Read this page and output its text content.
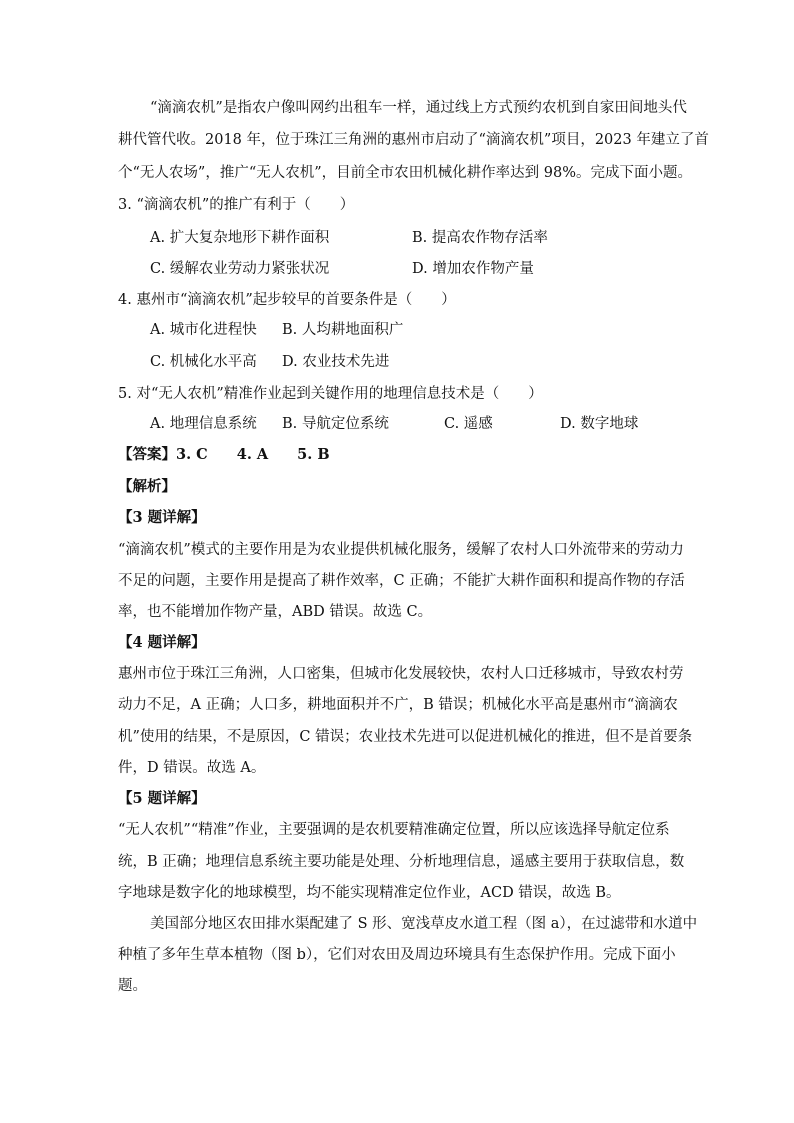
“滴滴农机”是指农户像叫网约出租车一样，通过线上方式预约农机到自家田间地头代
耕代管代收。2018 年，位于珠江三角洲的惠州市启动了“滴滴农机”项目，2023 年建立了首
个“无人农场”，推广“无人农机”，目前全市农田机械化耕作率达到 98%。完成下面小题。
3. “滴滴农机”的推广有利于（　　）
A. 扩大复杂地形下耕作面积	B. 提高农作物存活率
C. 缓解农业劳动力紧张状况	D. 增加农作物产量
4. 惠州市“滴滴农机”起步较早的首要条件是（　　）
A. 城市化进程快 B. 人均耕地面积广
C. 机械化水平高 D. 农业技术先进
5. 对“无人农机”精准作业起到关键作用的地理信息技术是（　　）
A. 地理信息系统 B. 导航定位系统	C. 遥感	D. 数字地球
【答案】3. C　　4. A　　5. B
【解析】
【3 题详解】
“滴滴农机”模式的主要作用是为农业提供机械化服务，缓解了农村人口外流带来的劳动力
不足的问题，主要作用是提高了耕作效率，C 正确；不能扩大耕作面积和提高作物的存活
率，也不能增加作物产量，ABD 错误。故选 C。
【4 题详解】
惠州市位于珠江三角洲，人口密集，但城市化发展较快，农村人口迁移城市，导致农村劳
动力不足，A 正确；人口多，耕地面积并不广，B 错误；机械化水平高是惠州市“滴滴农
机”使用的结果，不是原因，C 错误；农业技术先进可以促进机械化的推进，但不是首要条
件，D 错误。故选 A。
【5 题详解】
“无人农机”“精准”作业，主要强调的是农机要精准确定位置，所以应该选择导航定位系
统，B 正确；地理信息系统主要功能是处理、分析地理信息，遥感主要用于获取信息，数
字地球是数字化的地球模型，均不能实现精准定位作业，ACD 错误，故选 B。
美国部分地区农田排水渠配建了 S 形、宽浅草皮水道工程（图 a），在过滤带和水道中
种植了多年生草本植物（图 b），它们对农田及周边环境具有生态保护作用。完成下面小
题。
